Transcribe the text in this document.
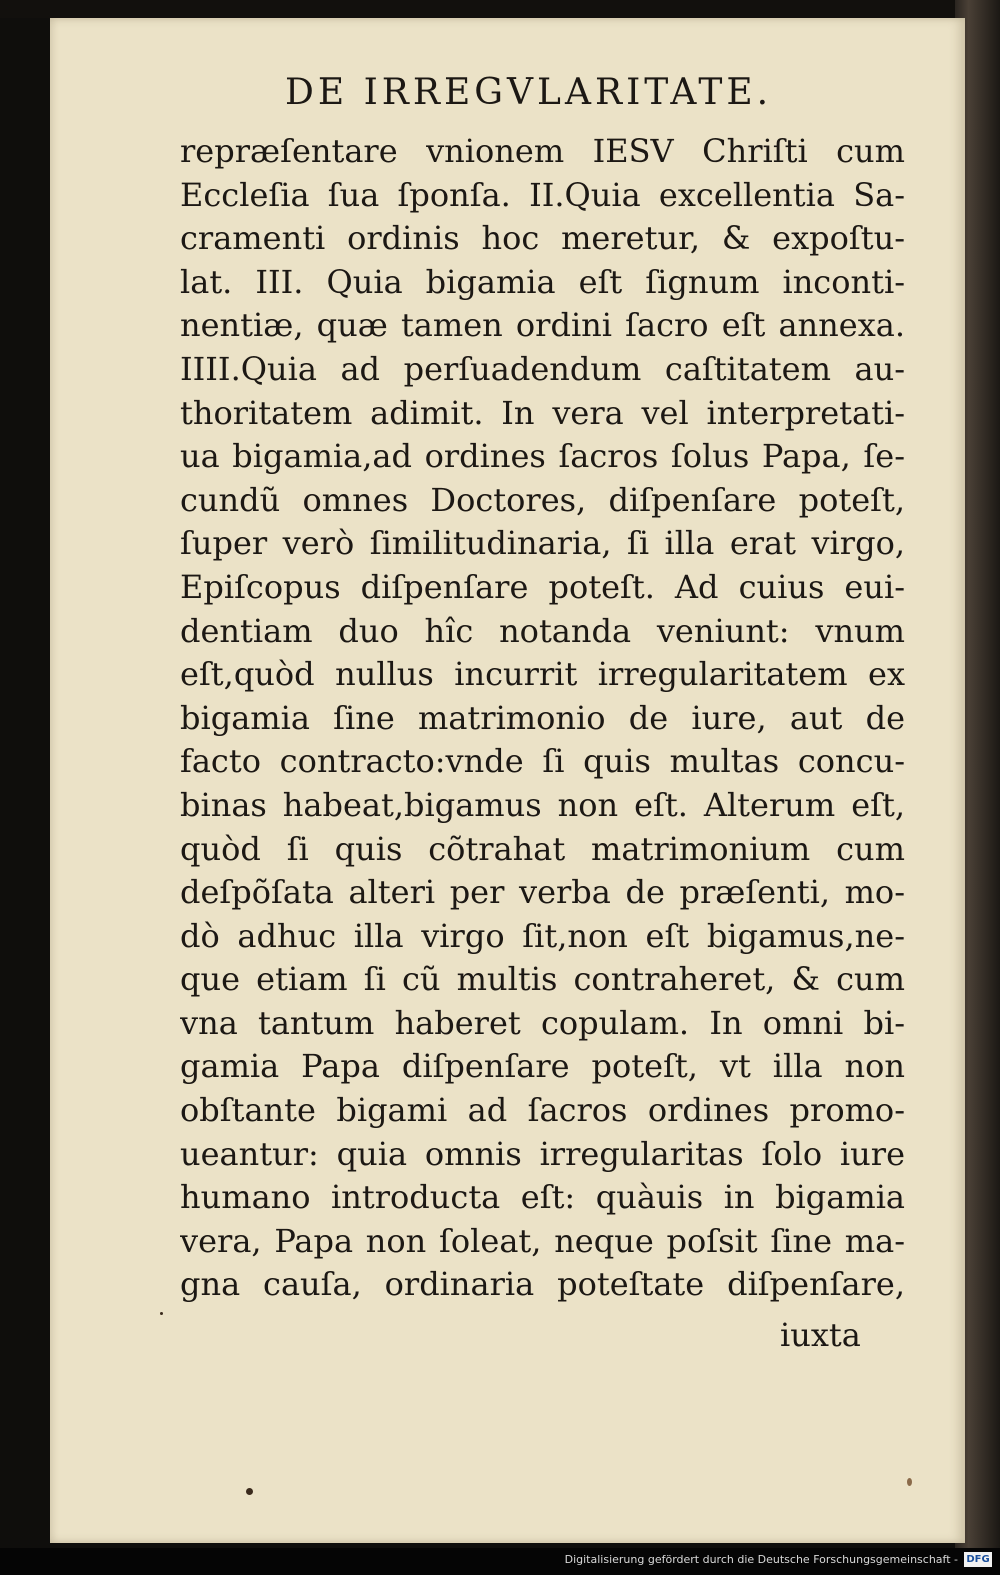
DE IRREGVLARITATE.
repræſentare vnionem IESV Chriſti cum
Eccleſia ſua ſponſa. II.Quia excellentia Sa-
cramenti ordinis hoc meretur, & expoſtu-
lat. III. Quia bigamia eſt ſignum inconti-
nentiæ, quæ tamen ordini ſacro eſt annexa.
IIII.Quia ad perſuadendum caſtitatem au-
thoritatem adimit. In vera vel interpretati-
ua bigamia,ad ordines ſacros ſolus Papa, ſe-
cundũ omnes Doctores, diſpenſare poteſt,
ſuper verò ſimilitudinaria, ſi illa erat virgo,
Epiſcopus diſpenſare poteſt. Ad cuius eui-
dentiam duo hîc notanda veniunt: vnum
eſt,quòd nullus incurrit irregularitatem ex
bigamia ſine matrimonio de iure, aut de
facto contracto:vnde ſi quis multas concu-
binas habeat,bigamus non eſt. Alterum eſt,
quòd ſi quis cõtrahat matrimonium cum
deſpõſata alteri per verba de præſenti, mo-
dò adhuc illa virgo ſit,non eſt bigamus,ne-
que etiam ſi cũ multis contraheret, & cum
vna tantum haberet copulam. In omni bi-
gamia Papa diſpenſare poteſt, vt illa non
obſtante bigami ad ſacros ordines promo-
ueantur: quia omnis irregularitas ſolo iure
humano introducta eſt: quàuis in bigamia
vera, Papa non ſoleat, neque poſsit ſine ma-
gna cauſa, ordinaria poteſtate diſpenſare,
iuxta
Digitalisierung gefördert durch die Deutsche Forschungsgemeinschaft - DFG
